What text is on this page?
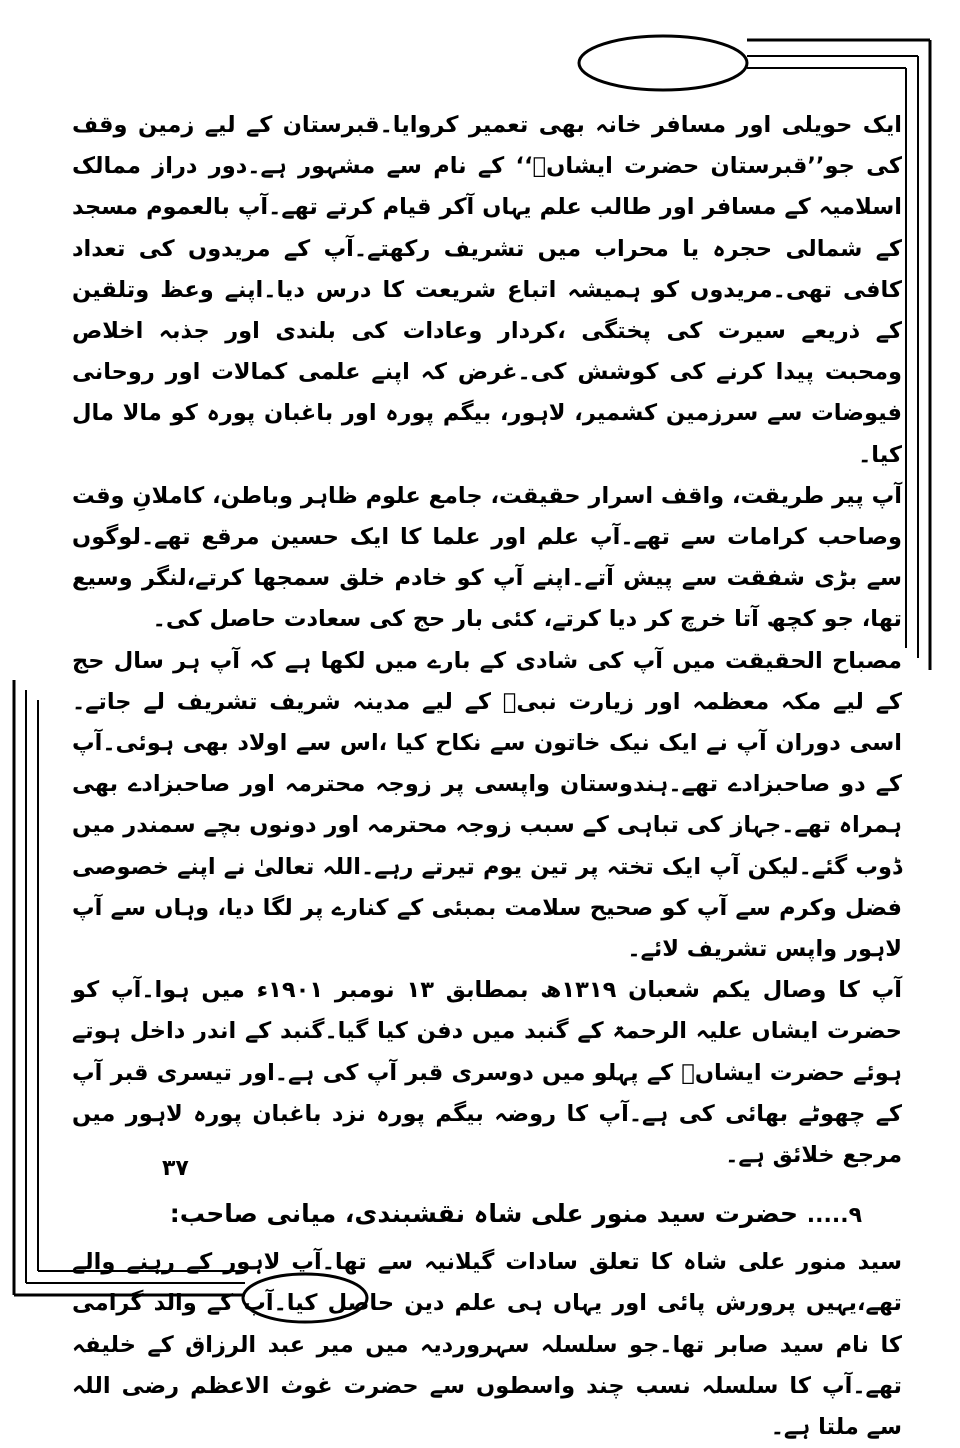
ایک حویلی اور مسافر خانہ بھی تعمیر کروایا۔قبرستان کے لیے زمین وقف کی جو’’قبرستان حضرت ایشاںؒ‘‘ کے نام سے مشہور ہے۔دور دراز ممالک اسلامیہ کے مسافر اور طالب علم یہاں آکر قیام کرتے تھے۔آپ بالعموم مسجد کے شمالی حجرہ یا محراب میں تشریف رکھتے۔آپ کے مریدوں کی تعداد کافی تھی۔مریدوں کو ہمیشہ اتباع شریعت کا درس دیا۔اپنے وعظ وتلقین کے ذریعے سیرت کی پختگی ،کردار وعادات کی بلندی اور جذبہ اخلاص ومحبت پیدا کرنے کی کوشش کی۔غرض کہ اپنے علمی کمالات اور روحانی فیوضات سے سرزمین کشمیر، لاہور، بیگم پورہ اور باغبان پورہ کو مالا مال کیا۔

آپ پیر طریقت، واقف اسرار حقیقت، جامع علوم ظاہر وباطن، کاملانِ وقت وصاحب کرامات سے تھے۔آپ علم اور علما کا ایک حسین مرقع تھے۔لوگوں سے بڑی شفقت سے پیش آتے۔اپنے آپ کو خادم خلق سمجھا کرتے،لنگر وسیع تھا، جو کچھ آتا خرچ کر دیا کرتے، کئی بار حج کی سعادت حاصل کی۔

مصباح الحقیقت میں آپ کی شادی کے بارے میں لکھا ہے کہ آپ ہر سال حج کے لیے مکہ معظمہ اور زیارت نبیؐ کے لیے مدینہ شریف تشریف لے جاتے۔اسی دوران آپ نے ایک نیک خاتون سے نکاح کیا ،اس سے اولاد بھی ہوئی۔آپ کے دو صاحبزادے تھے۔ہندوستان واپسی پر زوجہ محترمہ اور صاحبزادے بھی ہمراہ تھے۔جہاز کی تباہی کے سبب زوجہ محترمہ اور دونوں بچے سمندر میں ڈوب گئے۔لیکن آپ ایک تختہ پر تین یوم تیرتے رہے۔اللہ تعالیٰ نے اپنے خصوصی فضل وکرم سے آپ کو صحیح سلامت بمبئی کے کنارے پر لگا دیا، وہاں سے آپ لاہور واپس تشریف لائے۔

آپ کا وصال یکم شعبان ۱۳۱۹ھ بمطابق ۱۳ نومبر ۱۹۰۱ء میں ہوا۔آپ کو حضرت ایشاں علیہ الرحمۃ کے گنبد میں دفن کیا گیا۔گنبد کے اندر داخل ہوتے ہوئے حضرت ایشاںؒ کے پہلو میں دوسری قبر آپ کی ہے۔اور تیسری قبر آپ کے چھوٹے بھائی کی ہے۔آپ کا روضہ بیگم پورہ نزد باغبان پورہ لاہور میں مرجع خلائق ہے۔

۳۷
۹..... حضرت سید منور علی شاہ نقشبندی، میانی صاحب:

سید منور علی شاہ کا تعلق سادات گیلانیہ سے تھا۔آپ لاہور کے رہنے والے تھے،یہیں پرورش پائی اور یہاں ہی علم دین حاصل کیا۔آپ کے والد گرامی کا نام سید صابر تھا۔جو سلسلہ سہروردیہ میں میر عبد الرزاق کے خلیفہ تھے۔آپ کا سلسلہ نسب چند واسطوں سے حضرت غوث الاعظم رضی اللہ سے ملتا ہے۔
